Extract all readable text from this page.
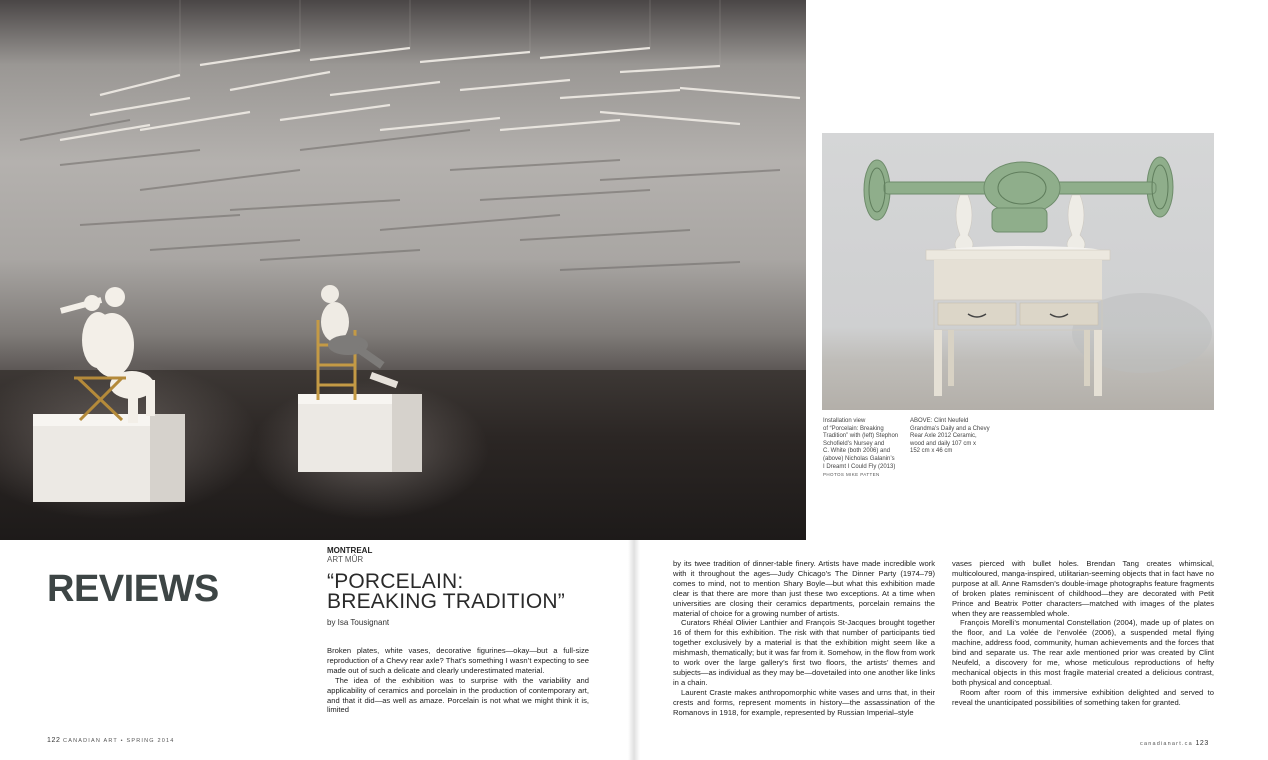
Installation view
of “Porcelain: Breaking
Tradition” with (left) Stephon
Schofield’s Nursey and
C. White (both 2006) and
(above) Nicholas Galanin’s
I Dreamt I Could Fly (2013)
PHOTOS MIKE PATTEN
ABOVE: Clint Neufeld
Grandma’s Daily and a Chevy
Rear Axle 2012 Ceramic,
wood and daily 107 cm x
152 cm x 46 cm
REVIEWS
MONTREAL
ART MÛR
“PORCELAIN:
BREAKING TRADITION”
by Isa Tousignant

Broken plates, white vases, decorative figurines—okay—but a full-size reproduction of a Chevy rear axle? That’s something I wasn’t expecting to see made out of such a delicate and clearly underestimated material.

The idea of the exhibition was to surprise with the variability and applicability of ceramics and porcelain in the production of contemporary art, and that it did—as well as amaze. Porcelain is not what we might think it is, limited

by its twee tradition of dinner-table finery. Artists have made incredible work with it throughout the ages—Judy Chicago’s The Dinner Party (1974–79) comes to mind, not to mention Shary Boyle—but what this exhibition made clear is that there are more than just these two exceptions. At a time when universities are closing their ceramics departments, porcelain remains the material of choice for a growing number of artists.

Curators Rhéal Olivier Lanthier and François St-Jacques brought together 16 of them for this exhibition. The risk with that number of participants tied together exclusively by a material is that the exhibition might seem like a mishmash, thematically; but it was far from it. Somehow, in the flow from work to work over the large gallery’s first two floors, the artists’ themes and subjects—as individual as they may be—dovetailed into one another like links in a chain.

Laurent Craste makes anthropomorphic white vases and urns that, in their crests and forms, represent moments in history—the assassination of the Romanovs in 1918, for example, represented by Russian Imperial–style

vases pierced with bullet holes. Brendan Tang creates whimsical, multicoloured, manga-inspired, utilitarian-seeming objects that in fact have no purpose at all. Anne Ramsden’s double-image photographs feature fragments of broken plates reminiscent of childhood—they are decorated with Petit Prince and Beatrix Potter characters—matched with images of the plates when they are reassembled whole.

François Morelli’s monumental Constellation (2004), made up of plates on the floor, and La volée de l’envolée (2006), a suspended metal flying machine, address food, community, human achievements and the forces that bind and separate us. The rear axle mentioned prior was created by Clint Neufeld, a discovery for me, whose meticulous reproductions of hefty mechanical objects in this most fragile material created a delicious contrast, both physical and conceptual.

Room after room of this immersive exhibition delighted and served to reveal the unanticipated possibilities of something taken for granted.

122 CANADIAN ART • SPRING 2014	canadianart.ca 123
